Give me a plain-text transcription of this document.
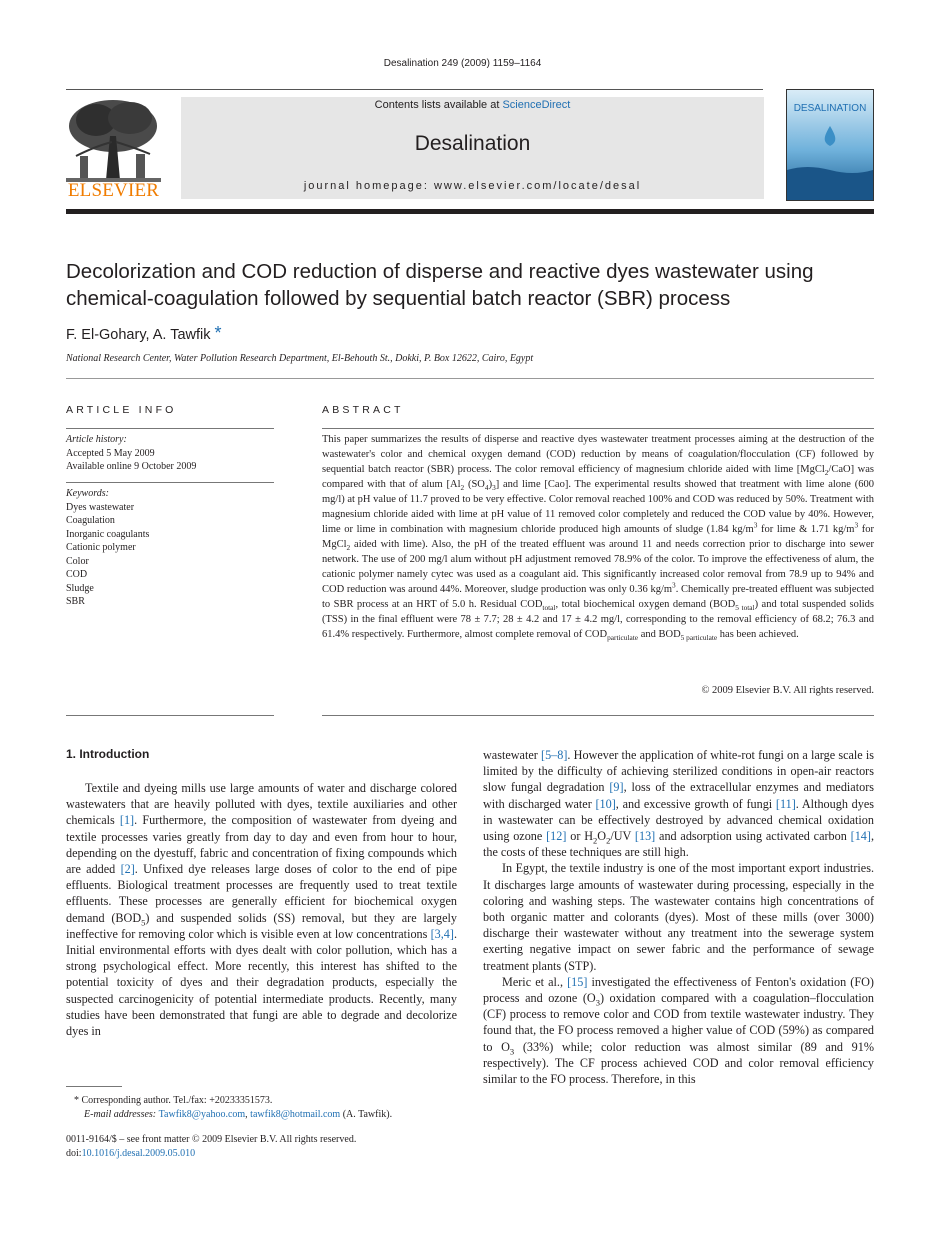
Desalination 249 (2009) 1159–1164
ELSEVIER
Contents lists available at ScienceDirect
Desalination
journal homepage: www.elsevier.com/locate/desal
DESALINATION
Decolorization and COD reduction of disperse and reactive dyes wastewater using
chemical-coagulation followed by sequential batch reactor (SBR) process
F. El-Gohary, A. Tawfik *
National Research Center, Water Pollution Research Department, El-Behouth St., Dokki, P. Box 12622, Cairo, Egypt
ARTICLE INFO
Article history:
Accepted 5 May 2009
Available online 9 October 2009
Keywords:
Dyes wastewater
Coagulation
Inorganic coagulants
Cationic polymer
Color
COD
Sludge
SBR
ABSTRACT
This paper summarizes the results of disperse and reactive dyes wastewater treatment processes aiming at the destruction of the wastewater's color and chemical oxygen demand (COD) reduction by means of coagulation/flocculation (CF) followed by sequential batch reactor (SBR) process. The color removal efficiency of magnesium chloride aided with lime [MgCl$_2$/CaO] was compared with that of alum [$Al_2$ $(SO_4)_3$] and lime [Cao]. The experimental results showed that treatment with lime alone (600 mg/l) at pH value of 11.7 proved to be very effective. Color removal reached 100% and COD was reduced by 50%. Treatment with magnesium chloride aided with lime at pH value of 11 removed color completely and reduced the COD value by 40%. However, lime or lime in combination with magnesium chloride produced high amounts of sludge (1.84 $kg/m^3$ for lime & 1.71 $kg/m^3$ for MgCl$_2$ aided with lime). Also, the pH of the treated effluent was around 11 and needs correction prior to discharge into sewer network. The use of 200 mg/l alum without pH adjustment removed 78.9% of the color. To improve the effectiveness of alum, the cationic polymer namely cytec was used as a coagulant aid. This significantly increased color removal from 78.9 up to 94% and COD reduction was around 44%. Moreover, sludge production was only 0.36 $kg/m^3$. Chemically pre-treated effluent was subjected to SBR process at an HRT of 5.0 h. Residual $COD_{total}$, total biochemical oxygen demand $(BOD_{5 total})$ and total suspended solids (TSS) in the final effluent were 78 ± 7.7; 28 ± 4.2 and 17 ± 4.2 mg/l, corresponding to the removal efficiency of 68.2; 76.3 and 61.4% respectively. Furthermore, almost complete removal of $COD_{particulate}$ and $BOD_{5 particulate}$ has been achieved.
© 2009 Elsevier B.V. All rights reserved.
1. Introduction

Textile and dyeing mills use large amounts of water and discharge colored wastewaters that are heavily polluted with dyes, textile auxiliaries and other chemicals [1]. Furthermore, the composition of wastewater from dyeing and textile processes varies greatly from day to day and even from hour to hour, depending on the dyestuff, fabric and concentration of fixing compounds which are added [2]. Unfixed dye releases large doses of color to the end of pipe effluents. Biological treatment processes are frequently used to treat textile effluents. These processes are generally efficient for biochemical oxygen demand $(BOD_5)$ and suspended solids (SS) removal, but they are largely ineffective for removing color which is visible even at low concentrations [3,4]. Initial environmental efforts with dyes dealt with color pollution, which has a strong psychological effect. More recently, this interest has shifted to the potential toxicity of dyes and their degradation products, especially the suspected carcinogenicity of potential intermediate products. Recently, many studies have been demonstrated that fungi are able to degrade and decolorize dyes in

* Corresponding author. Tel./fax: +20233351573.
E-mail addresses: Tawfik8@yahoo.com, tawfik8@hotmail.com (A. Tawfik).
0011-9164/$ – see front matter © 2009 Elsevier B.V. All rights reserved.
doi:10.1016/j.desal.2009.05.010

wastewater [5–8]. However the application of white-rot fungi on a large scale is limited by the difficulty of achieving sterilized conditions in open-air reactors slow fungal degradation [9], loss of the extracellular enzymes and mediators with discharged water [10], and excessive growth of fungi [11]. Although dyes in wastewater can be effectively destroyed by advanced chemical oxidation using ozone [12] or $H_2O_2/UV$ [13] and adsorption using activated carbon [14], the costs of these techniques are still high.

In Egypt, the textile industry is one of the most important export industries. It discharges large amounts of wastewater during processing, especially in the coloring and washing steps. The wastewater contains high concentrations of both organic matter and colorants (dyes). Most of these mills (over 3000) discharge their wastewater without any treatment into the sewerage system exerting negative impact on sewer fabric and the performance of sewage treatment plants (STP).

Meric et al., [15] investigated the effectiveness of Fenton's oxidation (FO) process and ozone $(O_3)$ oxidation compared with a coagulation–flocculation (CF) process to remove color and COD from textile wastewater industry. They found that, the FO process removed a higher value of COD (59%) as compared to $O_3$ (33%) while; color reduction was almost similar (89 and 91% respectively). The CF process achieved COD and color removal efficiency similar to the FO process. Therefore, in this
